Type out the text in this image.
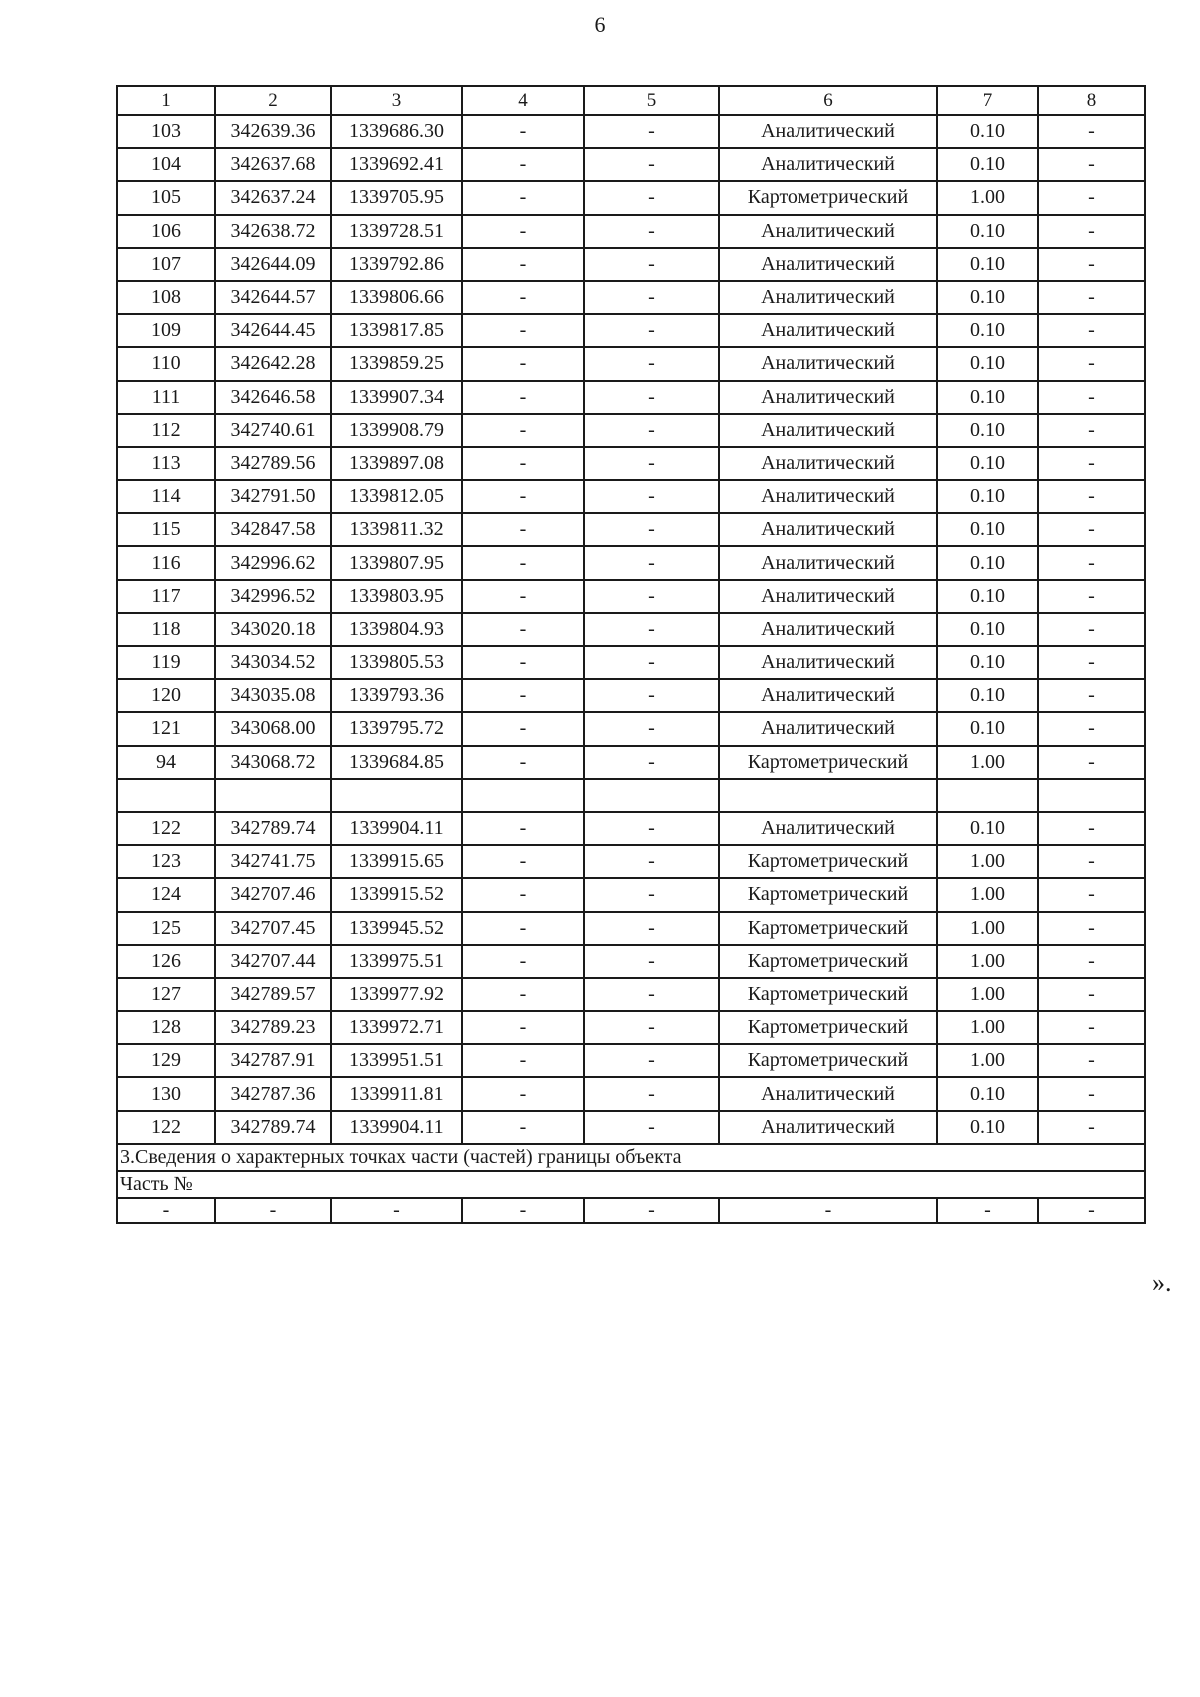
6
1	2	3	4	5	6	7	8
103	342639.36	1339686.30	-	-	Аналитический	0.10	-
104	342637.68	1339692.41	-	-	Аналитический	0.10	-
105	342637.24	1339705.95	-	-	Картометрический	1.00	-
106	342638.72	1339728.51	-	-	Аналитический	0.10	-
107	342644.09	1339792.86	-	-	Аналитический	0.10	-
108	342644.57	1339806.66	-	-	Аналитический	0.10	-
109	342644.45	1339817.85	-	-	Аналитический	0.10	-
110	342642.28	1339859.25	-	-	Аналитический	0.10	-
111	342646.58	1339907.34	-	-	Аналитический	0.10	-
112	342740.61	1339908.79	-	-	Аналитический	0.10	-
113	342789.56	1339897.08	-	-	Аналитический	0.10	-
114	342791.50	1339812.05	-	-	Аналитический	0.10	-
115	342847.58	1339811.32	-	-	Аналитический	0.10	-
116	342996.62	1339807.95	-	-	Аналитический	0.10	-
117	342996.52	1339803.95	-	-	Аналитический	0.10	-
118	343020.18	1339804.93	-	-	Аналитический	0.10	-
119	343034.52	1339805.53	-	-	Аналитический	0.10	-
120	343035.08	1339793.36	-	-	Аналитический	0.10	-
121	343068.00	1339795.72	-	-	Аналитический	0.10	-
94	343068.72	1339684.85	-	-	Картометрический	1.00	-

122	342789.74	1339904.11	-	-	Аналитический	0.10	-
123	342741.75	1339915.65	-	-	Картометрический	1.00	-
124	342707.46	1339915.52	-	-	Картометрический	1.00	-
125	342707.45	1339945.52	-	-	Картометрический	1.00	-
126	342707.44	1339975.51	-	-	Картометрический	1.00	-
127	342789.57	1339977.92	-	-	Картометрический	1.00	-
128	342789.23	1339972.71	-	-	Картометрический	1.00	-
129	342787.91	1339951.51	-	-	Картометрический	1.00	-
130	342787.36	1339911.81	-	-	Аналитический	0.10	-
122	342789.74	1339904.11	-	-	Аналитический	0.10	-
3.Сведения о характерных точках части (частей) границы объекта							
Часть №							
-	-	-	-	-	-	-	-
».
